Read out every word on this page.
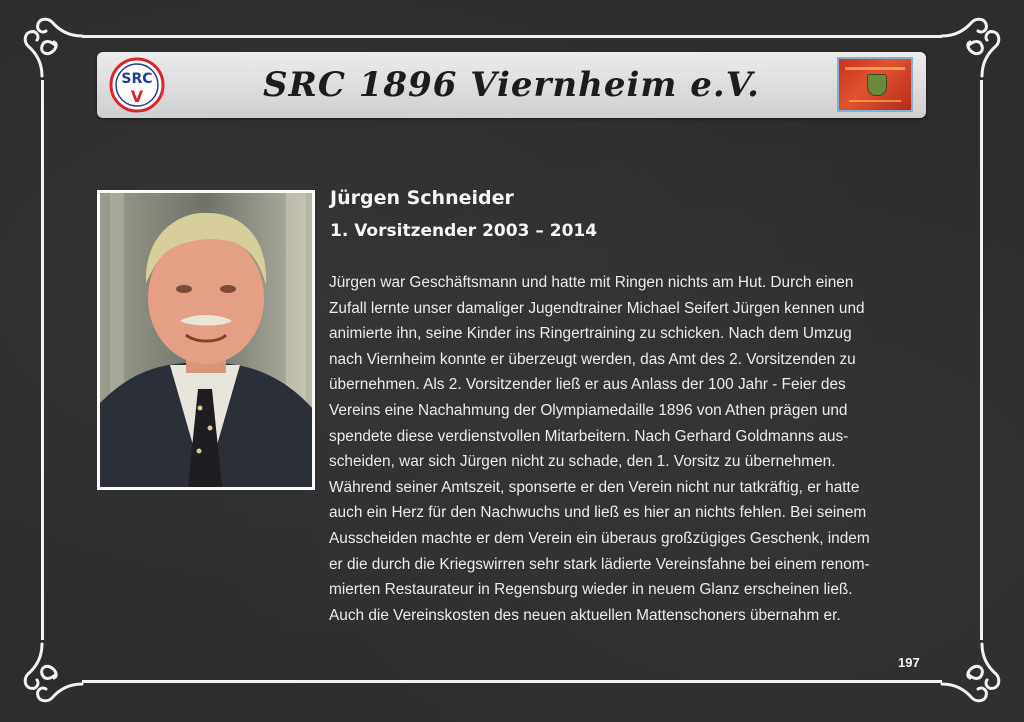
SRC
V	SRC 1896 Viernheim e.V.
Jürgen Schneider
1. Vorsitzender 2003 – 2014
Jürgen war Geschäftsmann und hatte mit Ringen nichts am Hut. Durch einen
Zufall lernte unser damaliger Jugendtrainer Michael Seifert Jürgen kennen und
animierte ihn, seine Kinder ins Ringertraining zu schicken. Nach dem Umzug
nach Viernheim konnte er überzeugt werden, das Amt des 2. Vorsitzenden zu
übernehmen. Als 2. Vorsitzender ließ er aus Anlass der 100 Jahr - Feier des
Vereins eine Nachahmung der Olympiamedaille 1896 von Athen prägen und
spendete diese verdienstvollen Mitarbeitern. Nach Gerhard Goldmanns aus-
scheiden, war sich Jürgen nicht zu schade, den 1. Vorsitz zu übernehmen.
Während seiner Amtszeit, sponserte er den Verein nicht nur tatkräftig, er hatte
auch ein Herz für den Nachwuchs und ließ es hier an nichts fehlen. Bei seinem
Ausscheiden machte er dem Verein ein überaus großzügiges Geschenk, indem
er die durch die Kriegswirren sehr stark lädierte Vereinsfahne bei einem renom-
mierten Restaurateur in Regensburg wieder in neuem Glanz erscheinen ließ.
Auch die Vereinskosten des neuen aktuellen Mattenschoners übernahm er.
197
